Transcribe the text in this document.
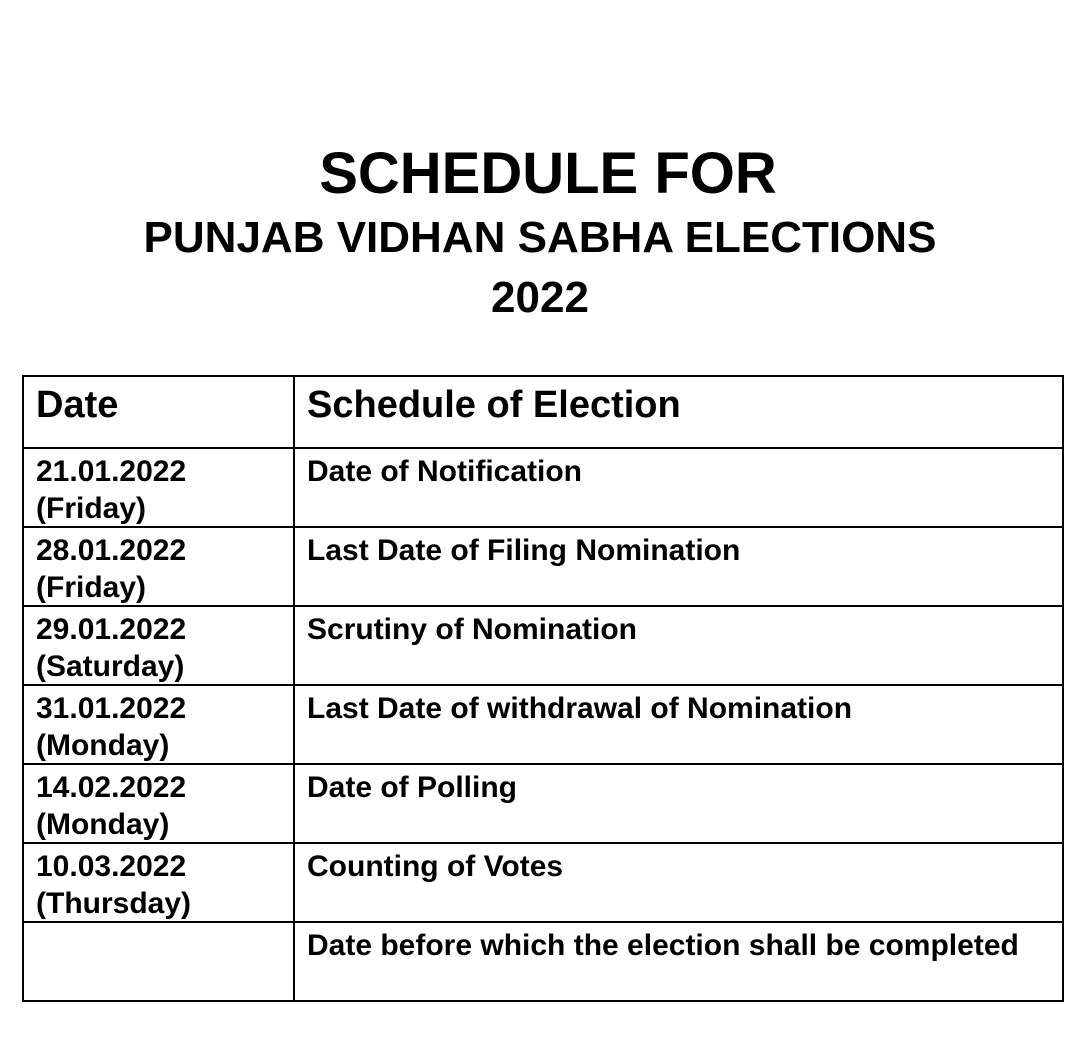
SCHEDULE FOR
PUNJAB VIDHAN SABHA ELECTIONS
2022
Date	Schedule of Election

21.01.2022
(Friday)	Date of Notification

28.01.2022
(Friday)	Last Date of Filing Nomination

29.01.2022
(Saturday)	Scrutiny of Nomination

31.01.2022
(Monday)	Last Date of withdrawal of Nomination

14.02.2022
(Monday)	Date of Polling

10.03.2022
(Thursday)	Counting of Votes

	Date before which the election shall be completed
